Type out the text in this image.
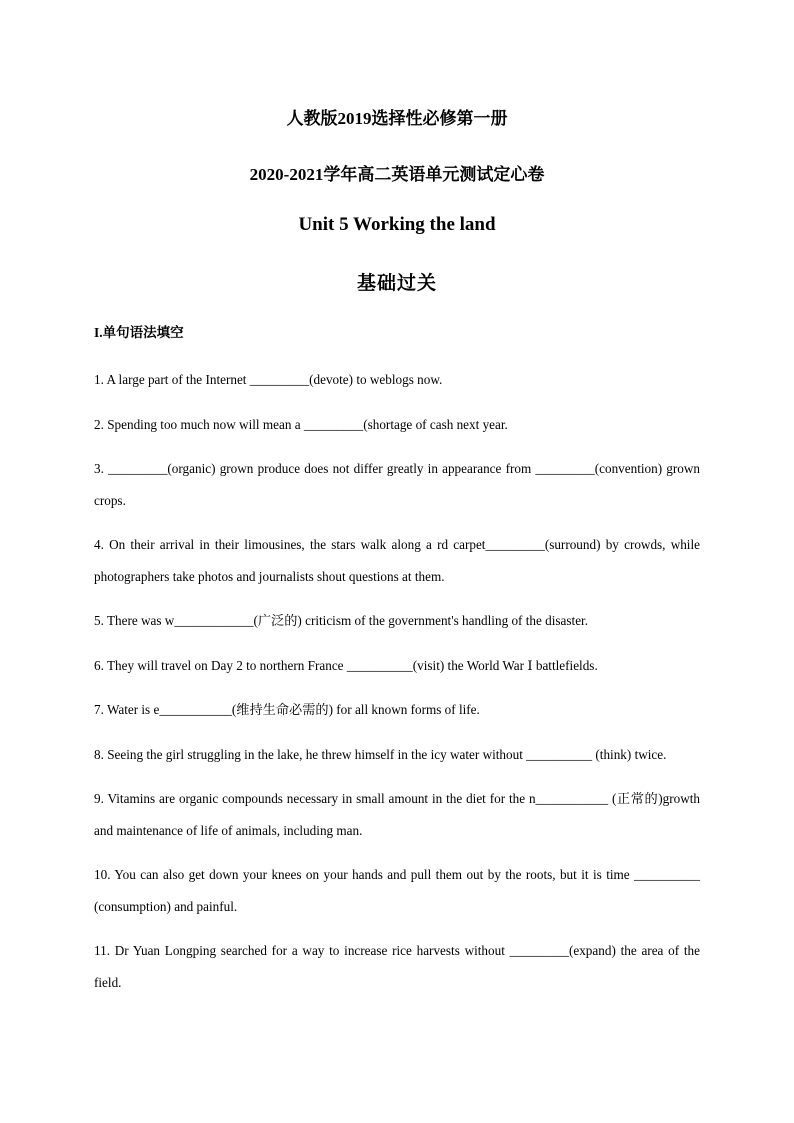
人教版2019选择性必修第一册
2020-2021学年高二英语单元测试定心卷
Unit 5 Working the land
基础过关
I.单句语法填空
1. A large part of the Internet _________(devote) to weblogs now.
2. Spending too much now will mean a _________(shortage of cash next year.
3. _________(organic) grown produce does not differ greatly in appearance from _________(convention) grown crops.
4. On their arrival in their limousines, the stars walk along a rd carpet_________(surround) by crowds, while photographers take photos and journalists shout questions at them.
5. There was w____________(广泛的) criticism of the government's handling of the disaster.
6. They will travel on Day 2 to northern France __________(visit) the World War Ⅰ battlefields.
7. Water is e___________(维持生命必需的) for all known forms of life.
8. Seeing the girl struggling in the lake, he threw himself in the icy water without __________ (think) twice.
9. Vitamins are organic compounds necessary in small amount in the diet for the n___________ (正常的)growth and maintenance of life of animals, including man.
10. You can also get down your knees on your hands and pull them out by the roots, but it is time __________ (consumption) and painful.
11. Dr Yuan Longping searched for a way to increase rice harvests without _________(expand) the area of the field.
